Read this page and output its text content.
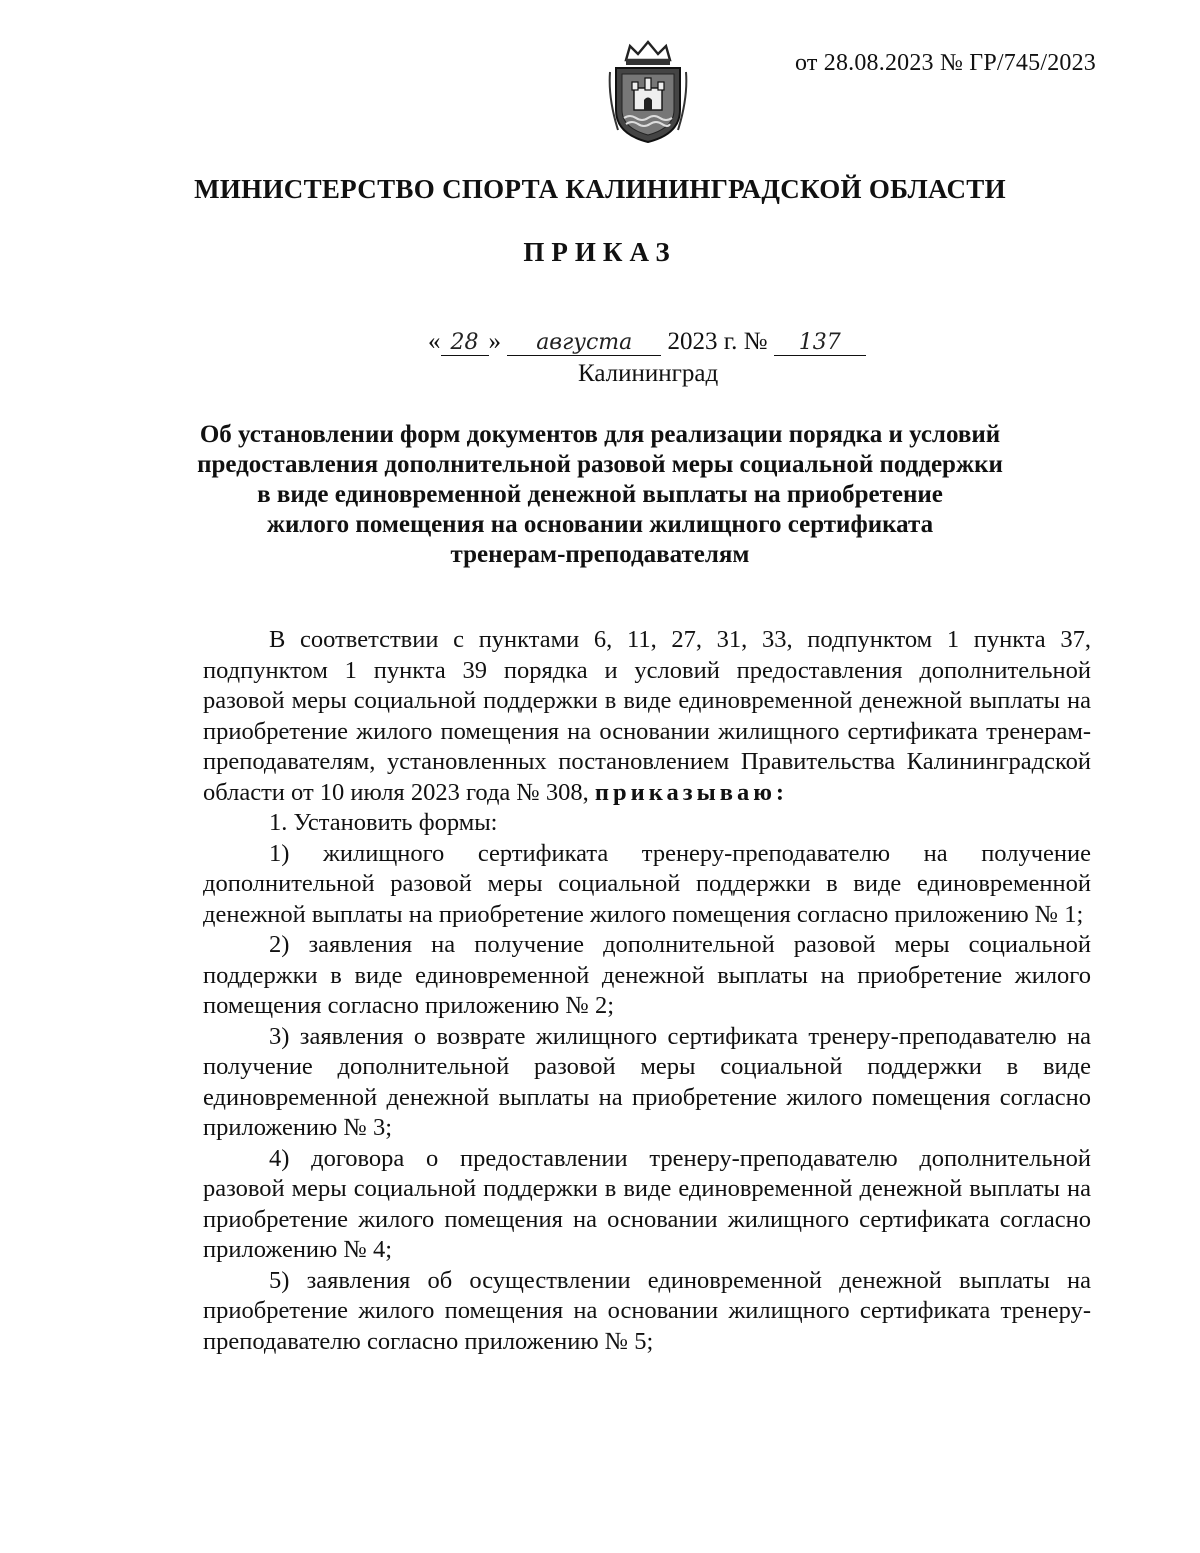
от 28.08.2023 № ГР/745/2023
МИНИСТЕРСТВО СПОРТА КАЛИНИНГРАДСКОЙ ОБЛАСТИ
ПРИКАЗ
« 28 » августа 2023 г. № 137
Калининград
Об установлении форм документов для реализации порядка и условий
предоставления дополнительной разовой меры социальной поддержки
в виде единовременной денежной выплаты на приобретение
жилого помещения на основании жилищного сертификата
тренерам-преподавателям

В соответствии с пунктами 6, 11, 27, 31, 33, подпунктом 1 пункта 37, подпунктом 1 пункта 39 порядка и условий предоставления дополнительной разовой меры социальной поддержки в виде единовременной денежной выплаты на приобретение жилого помещения на основании жилищного сертификата тренерам-преподавателям, установленных постановлением Правительства Калининградской области от 10 июля 2023 года № 308, приказываю:

1. Установить формы:

1) жилищного сертификата тренеру-преподавателю на получение дополнительной разовой меры социальной поддержки в виде единовременной денежной выплаты на приобретение жилого помещения согласно приложению № 1;

2) заявления на получение дополнительной разовой меры социальной поддержки в виде единовременной денежной выплаты на приобретение жилого помещения согласно приложению № 2;

3) заявления о возврате жилищного сертификата тренеру-преподавателю на получение дополнительной разовой меры социальной поддержки в виде единовременной денежной выплаты на приобретение жилого помещения согласно приложению № 3;

4) договора о предоставлении тренеру-преподавателю дополнительной разовой меры социальной поддержки в виде единовременной денежной выплаты на приобретение жилого помещения на основании жилищного сертификата согласно приложению № 4;

5) заявления об осуществлении единовременной денежной выплаты на приобретение жилого помещения на основании жилищного сертификата тренеру-преподавателю согласно приложению № 5;
